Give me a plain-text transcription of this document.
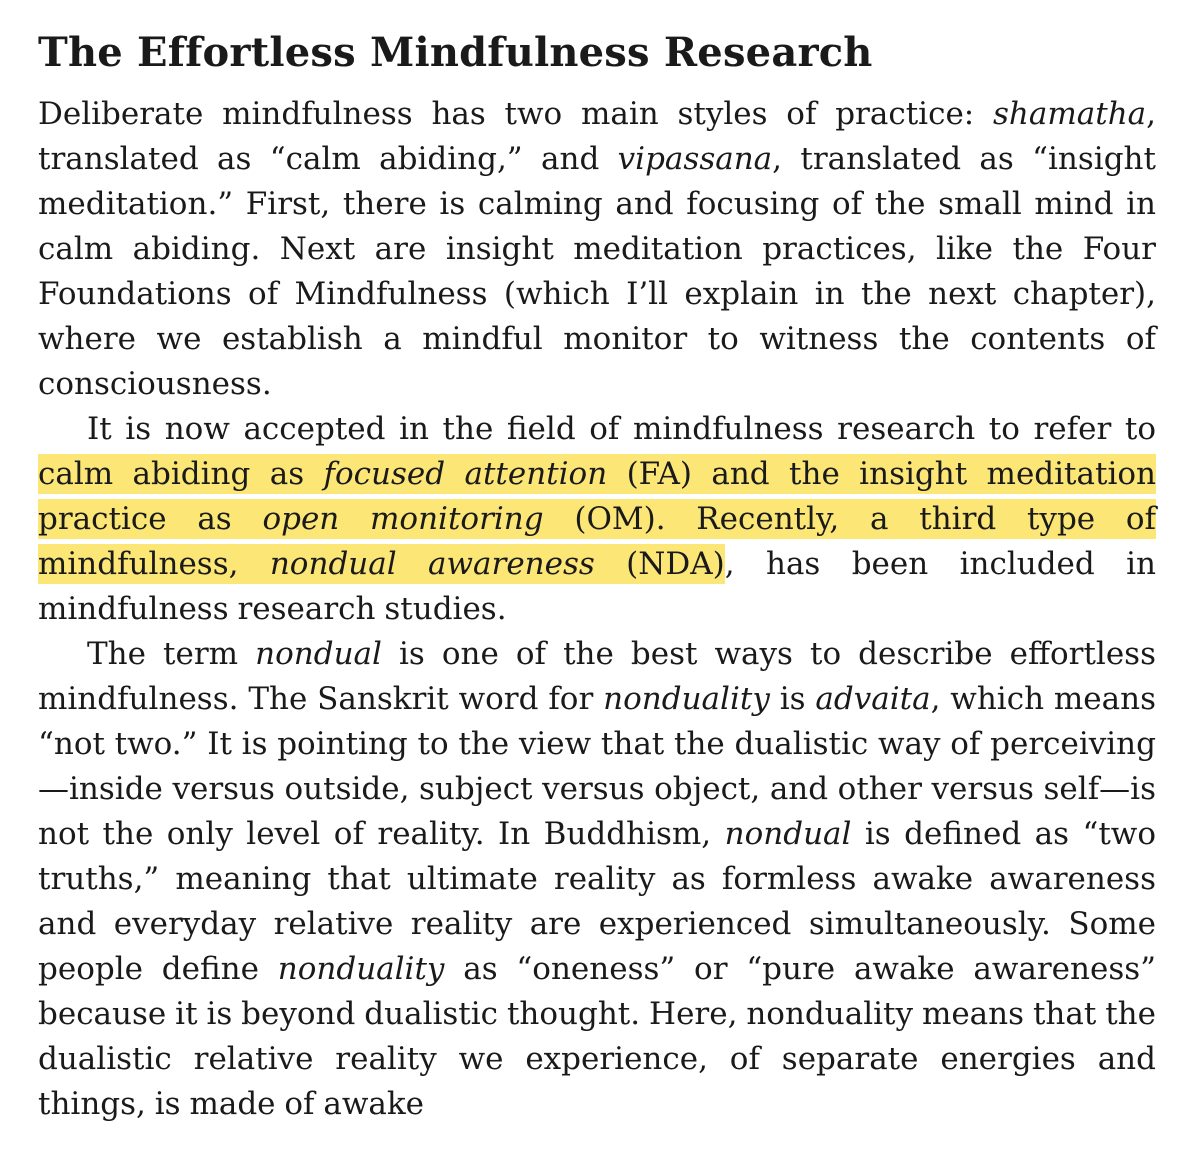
The Effortless Mindfulness Research

Deliberate mindfulness has two main styles of practice: shamatha, translated as “calm abiding,” and vipassana, translated as “insight meditation.” First, there is calming and focusing of the small mind in calm abiding. Next are insight meditation practices, like the Four Foundations of Mindfulness (which I’ll explain in the next chapter), where we establish a mindful monitor to witness the contents of consciousness.

It is now accepted in the field of mindfulness research to refer to calm abiding as focused attention (FA) and the insight meditation practice as open monitoring (OM). Recently, a third type of mindfulness, nondual awareness (NDA), has been included in mindfulness research studies.

The term nondual is one of the best ways to describe effortless mindfulness. The Sanskrit word for nonduality is advaita, which means “not two.” It is pointing to the view that the dualistic way of perceiving—inside versus outside, subject versus object, and other versus self—is not the only level of reality. In Buddhism, nondual is defined as “two truths,” meaning that ultimate reality as formless awake awareness and everyday relative reality are experienced simultaneously. Some people define nonduality as “oneness” or “pure awake awareness” because it is beyond dualistic thought. Here, nonduality means that the dualistic relative reality we experience, of separate energies and things, is made of awake
